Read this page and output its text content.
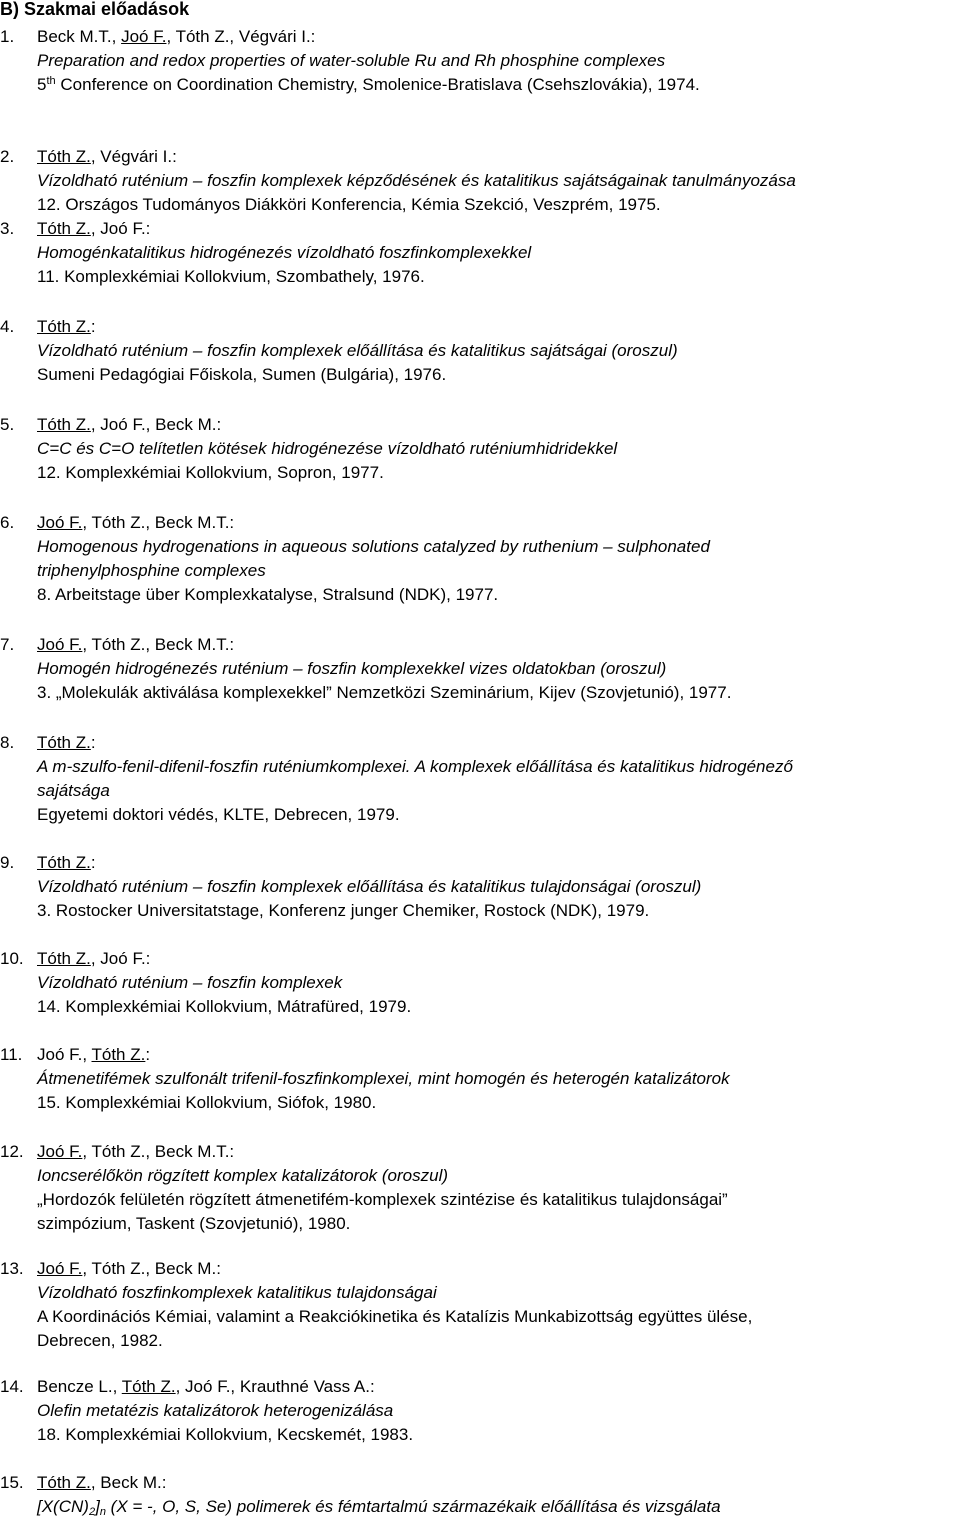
B) Szakmai előadások
1. Beck M.T., Joó F., Tóth Z., Végvári I.:
Preparation and redox properties of water-soluble Ru and Rh phosphine complexes
5th Conference on Coordination Chemistry, Smolenice-Bratislava (Csehszlovákia), 1974.
2. Tóth Z., Végvári I.:
Vízoldható ruténium – foszfin komplexek képződésének és katalitikus sajátságainak tanulmányozása
12. Országos Tudományos Diákköri Konferencia, Kémia Szekció, Veszprém, 1975.
3. Tóth Z., Joó F.:
Homogénkatalitikus hidrogénezés vízoldható foszfinkomplexekkel
11. Komplexkémiai Kollokvium, Szombathely, 1976.
4. Tóth Z.:
Vízoldható ruténium – foszfin komplexek előállítása és katalitikus sajátságai (oroszul)
Sumeni Pedagógiai Főiskola, Sumen (Bulgária), 1976.
5. Tóth Z., Joó F., Beck M.:
C=C és C=O telítetlen kötések hidrogénezése vízoldható ruténiumhidridekkel
12. Komplexkémiai Kollokvium, Sopron, 1977.
6. Joó F., Tóth Z., Beck M.T.:
Homogenous hydrogenations in aqueous solutions catalyzed by ruthenium – sulphonated
triphenylphosphine complexes
8. Arbeitstage über Komplexkatalyse, Stralsund (NDK), 1977.
7. Joó F., Tóth Z., Beck M.T.:
Homogén hidrogénezés ruténium – foszfin komplexekkel vizes oldatokban (oroszul)
3. „Molekulák aktiválása komplexekkel” Nemzetközi Szeminárium, Kijev (Szovjetunió), 1977.
8. Tóth Z.:
A m-szulfo-fenil-difenil-foszfin ruténiumkomplexei. A komplexek előállítása és katalitikus hidrogénező
sajátsága
Egyetemi doktori védés, KLTE, Debrecen, 1979.
9. Tóth Z.:
Vízoldható ruténium – foszfin komplexek előállítása és katalitikus tulajdonságai (oroszul)
3. Rostocker Universitatstage, Konferenz junger Chemiker, Rostock (NDK), 1979.
10. Tóth Z., Joó F.:
Vízoldható ruténium – foszfin komplexek
14. Komplexkémiai Kollokvium, Mátrafüred, 1979.
11. Joó F., Tóth Z.:
Átmenetifémek szulfonált trifenil-foszfinkomplexei, mint homogén és heterogén katalizátorok
15. Komplexkémiai Kollokvium, Siófok, 1980.
12. Joó F., Tóth Z., Beck M.T.:
Ioncserélőkön rögzített komplex katalizátorok (oroszul)
„Hordozók felületén rögzített átmenetifém-komplexek szintézise és katalitikus tulajdonságai”
szimpózium, Taskent (Szovjetunió), 1980.
13. Joó F., Tóth Z., Beck M.:
Vízoldható foszfinkomplexek katalitikus tulajdonságai
A Koordinációs Kémiai, valamint a Reakciókinetika és Katalízis Munkabizottság együttes ülése,
Debrecen, 1982.
14. Bencze L., Tóth Z., Joó F., Krauthné Vass A.:
Olefin metatézis katalizátorok heterogenizálása
18. Komplexkémiai Kollokvium, Kecskemét, 1983.
15. Tóth Z., Beck M.:
$[X(CN)_2]_n$ (X = -, O, S, Se) polimerek és fémtartalmú származékaik előállítása és vizsgálata
